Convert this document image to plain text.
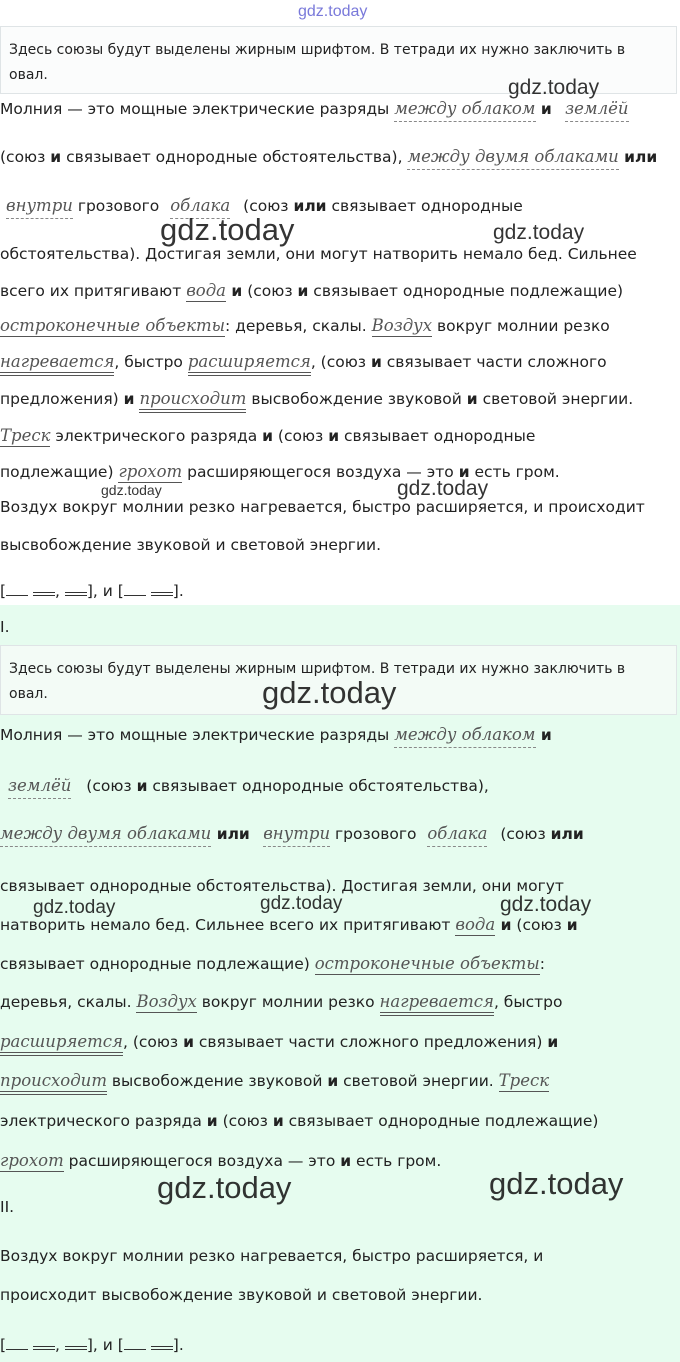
gdz.today
Здесь союзы будут выделены жирным шрифтом. В тетради их нужно заключить в овал.
gdz.today
Молния — это мощные электрические разряды между облаком и землёй
(союз и связывает однородные обстоятельства), между двумя облаками или
внутри грозового облака (союз или связывает однородные
gdz.today	gdz.today
обстоятельства). Достигая земли, они могут натворить немало бед. Сильнее
всего их притягивают вода и (союз и связывает однородные подлежащие)
остроконечные объекты: деревья, скалы. Воздух вокруг молнии резко
нагревается, быстро расширяется, (союз и связывает части сложного
предложения) и происходит высвобождение звуковой и световой энергии.
Треск электрического разряда и (союз и связывает однородные
подлежащие) грохот расширяющегося воздуха — это и есть гром.
gdz.today	gdz.today
Воздух вокруг молнии резко нагревается, быстро расширяется, и происходит
высвобождение звуковой и световой энергии.
[	, ], и [	].
I.
Здесь союзы будут выделены жирным шрифтом. В тетради их нужно заключить в овал.	gdz.today
Молния — это мощные электрические разряды между облаком и
землёй (союз и связывает однородные обстоятельства),
между двумя облаками или внутри грозового облака (союз или
связывает однородные обстоятельства). Достигая земли, они могут
gdz.today	gdz.today	gdz.today
натворить немало бед. Сильнее всего их притягивают вода и (союз и
связывает однородные подлежащие) остроконечные объекты:
деревья, скалы. Воздух вокруг молнии резко нагревается, быстро
расширяется, (союз и связывает части сложного предложения) и
происходит высвобождение звуковой и световой энергии. Треск
электрического разряда и (союз и связывает однородные подлежащие)
грохот расширяющегося воздуха — это и есть гром.
gdz.today	gdz.today
II.
Воздух вокруг молнии резко нагревается, быстро расширяется, и
происходит высвобождение звуковой и световой энергии.
[	, ], и [	].
